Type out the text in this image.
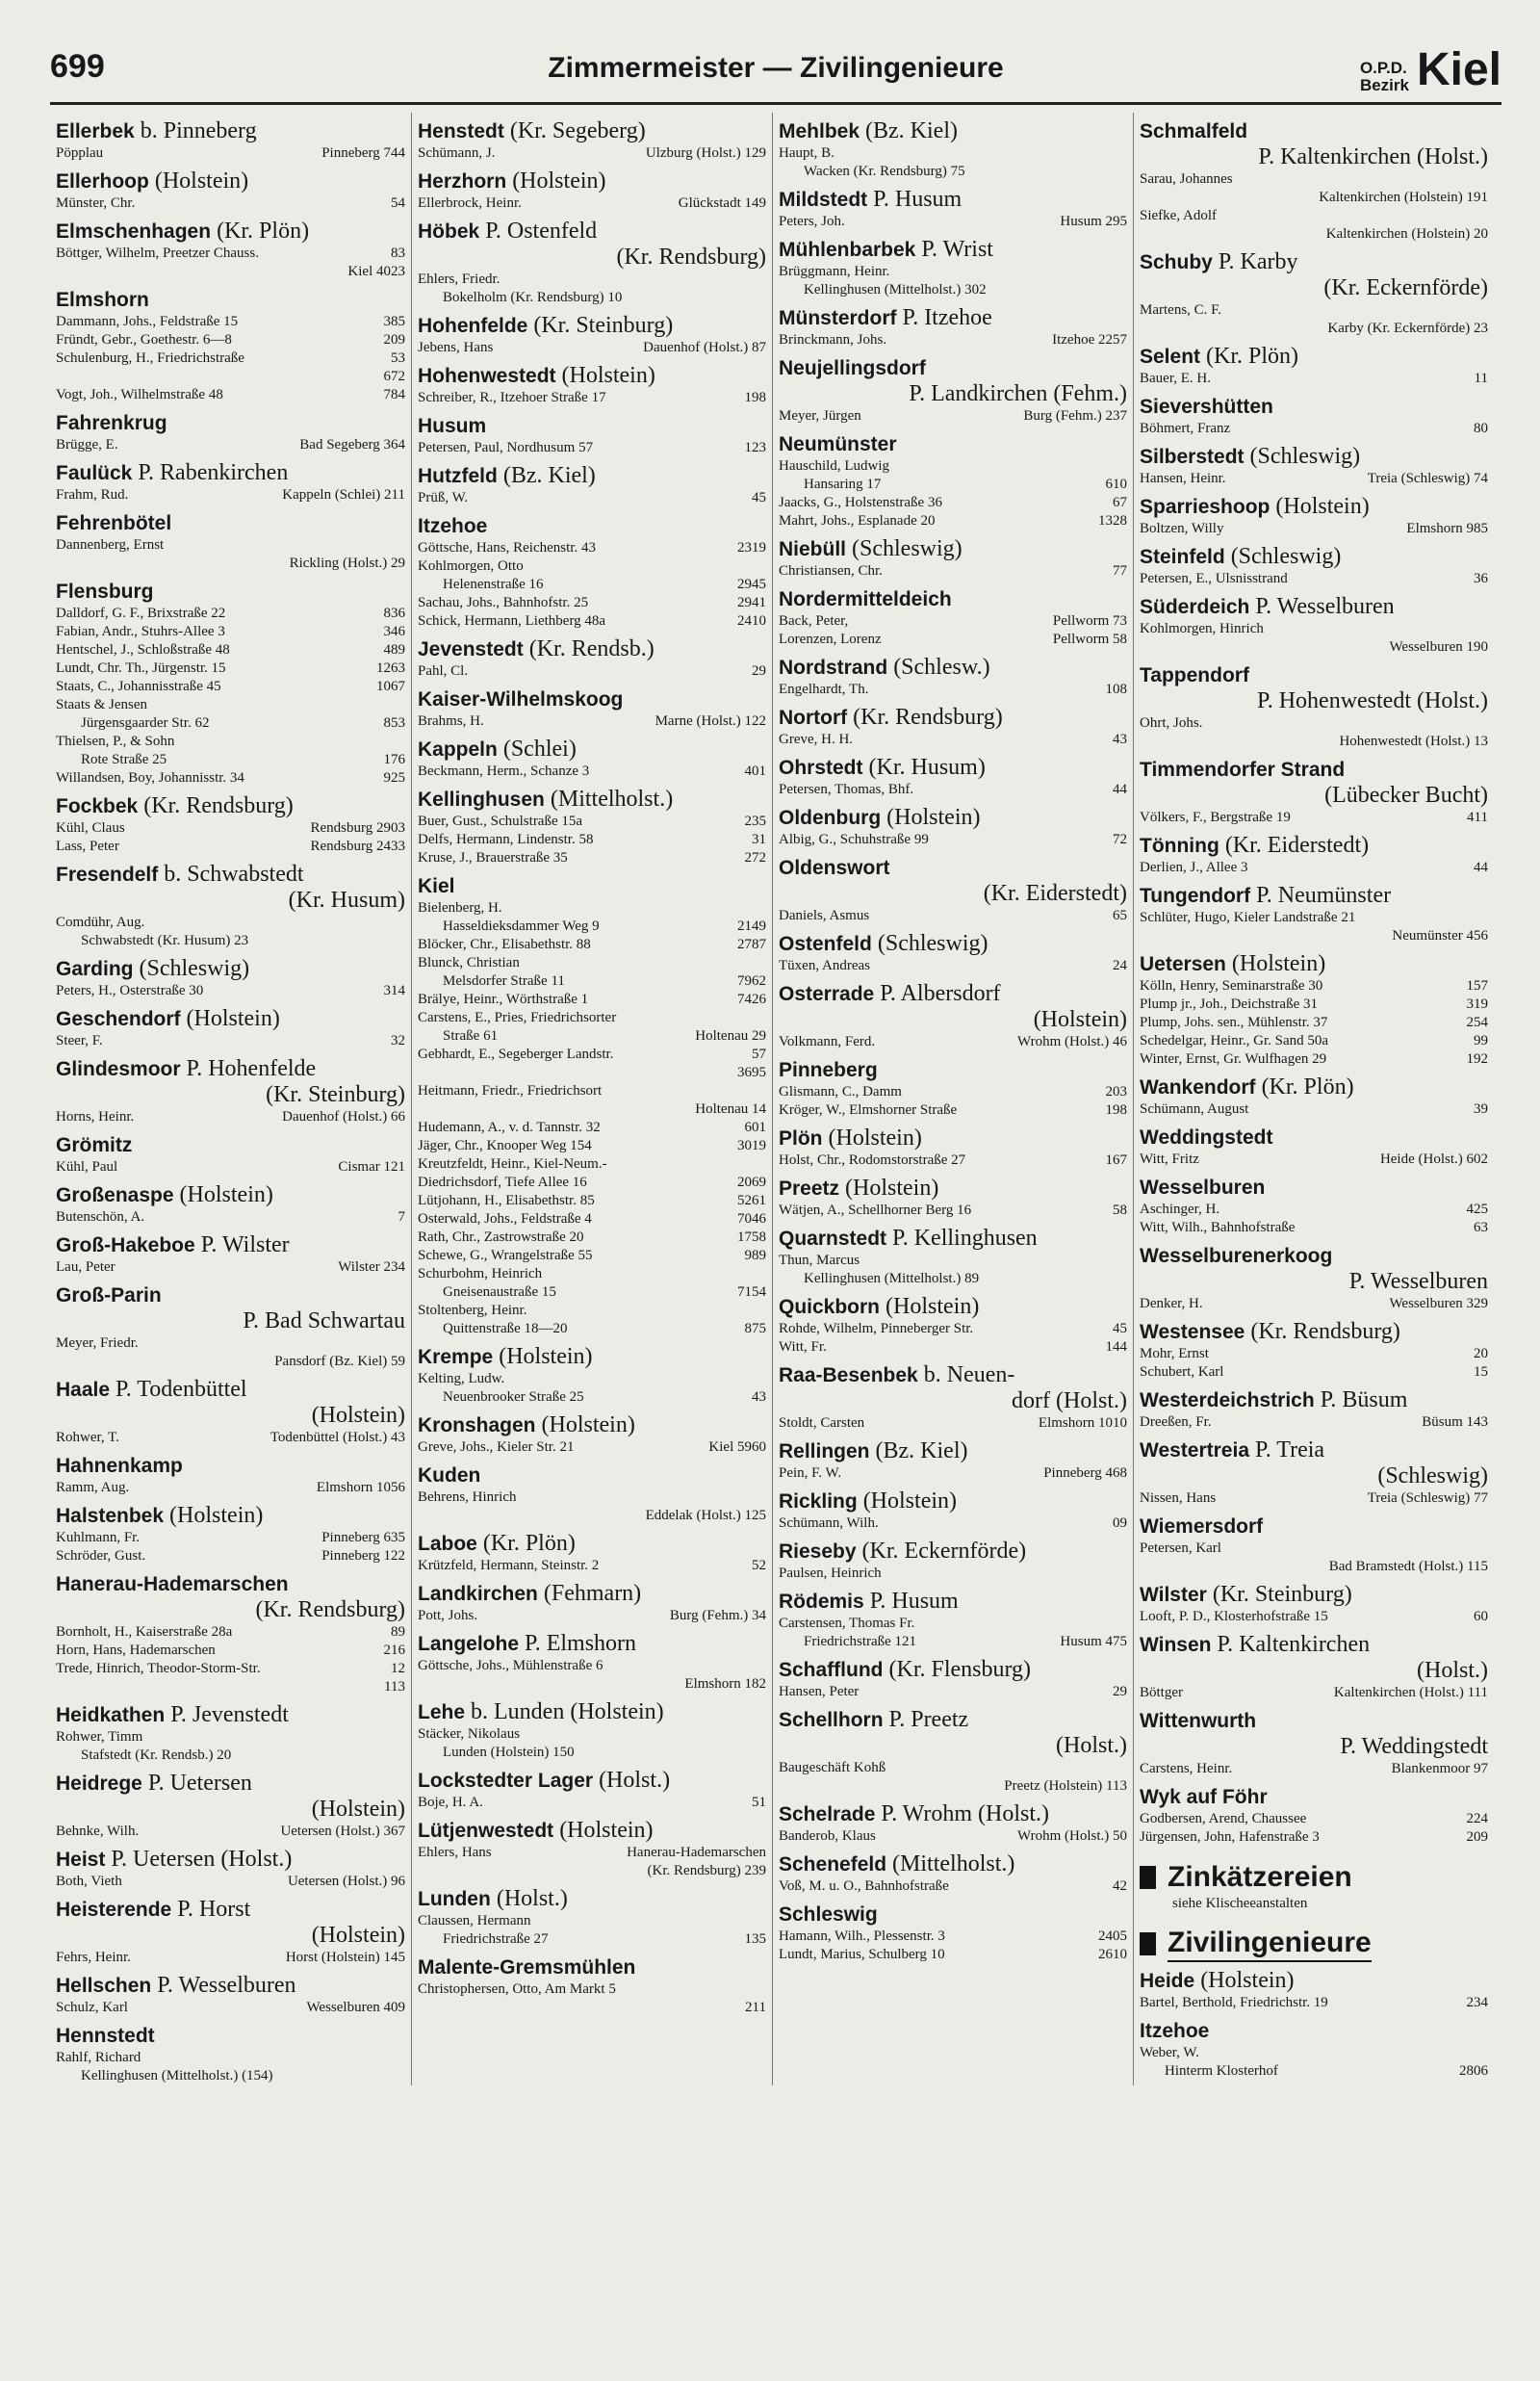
699	Zimmermeister — Zivilingenieure	O.P.D.
Bezirk Kiel
Ellerbek b. Pinneberg
Pöpplau	Pinneberg 744
Ellerhoop (Holstein)
Münster, Chr.	54
Elmschenhagen (Kr. Plön)
Böttger, Wilhelm, Preetzer Chauss.	83
Kiel 4023
Elmshorn
Dammann, Johs., Feldstraße 15	385
Fründt, Gebr., Goethestr. 6—8	209
Schulenburg, H., Friedrichstraße	53
672
Vogt, Joh., Wilhelmstraße 48	784
Fahrenkrug
Brügge, E.	Bad Segeberg 364
Faulück P. Rabenkirchen
Frahm, Rud.	Kappeln (Schlei) 211
Fehrenbötel
Dannenberg, Ernst
Rickling (Holst.) 29
Flensburg
Dalldorf, G. F., Brixstraße 22	836
Fabian, Andr., Stuhrs-Allee 3	346
Hentschel, J., Schloßstraße 48	489
Lundt, Chr. Th., Jürgenstr. 15	1263
Staats, C., Johannisstraße 45	1067
Staats & Jensen
Jürgensgaarder Str. 62	853
Thielsen, P., & Sohn
Rote Straße 25	176
Willandsen, Boy, Johannisstr. 34	925
Fockbek (Kr. Rendsburg)
Kühl, Claus	Rendsburg 2903
Lass, Peter	Rendsburg 2433
Fresendelf b. Schwabstedt
(Kr. Husum)
Comdühr, Aug.
Schwabstedt (Kr. Husum) 23
Garding (Schleswig)
Peters, H., Osterstraße 30	314
Geschendorf (Holstein)
Steer, F.	32
Glindesmoor P. Hohenfelde
(Kr. Steinburg)
Horns, Heinr.	Dauenhof (Holst.) 66
Grömitz
Kühl, Paul	Cismar 121
Großenaspe (Holstein)
Butenschön, A.	7
Groß-Hakeboe P. Wilster
Lau, Peter	Wilster 234
Groß-Parin
P. Bad Schwartau
Meyer, Friedr.
Pansdorf (Bz. Kiel) 59
Haale P. Todenbüttel
(Holstein)
Rohwer, T.	Todenbüttel (Holst.) 43
Hahnenkamp
Ramm, Aug.	Elmshorn 1056
Halstenbek (Holstein)
Kuhlmann, Fr.	Pinneberg 635
Schröder, Gust.	Pinneberg 122
Hanerau-Hademarschen
(Kr. Rendsburg)
Bornholt, H., Kaiserstraße 28a	89
Horn, Hans, Hademarschen	216
Trede, Hinrich, Theodor-Storm-Str.	12
113
Heidkathen P. Jevenstedt
Rohwer, Timm
Stafstedt (Kr. Rendsb.) 20
Heidrege P. Uetersen
(Holstein)
Behnke, Wilh.	Uetersen (Holst.) 367
Heist P. Uetersen (Holst.)
Both, Vieth	Uetersen (Holst.) 96
Heisterende P. Horst
(Holstein)
Fehrs, Heinr.	Horst (Holstein) 145
Hellschen P. Wesselburen
Schulz, Karl	Wesselburen 409
Hennstedt
Rahlf, Richard
Kellinghusen (Mittelholst.) (154)
Henstedt (Kr. Segeberg)
Schümann, J.	Ulzburg (Holst.) 129
Herzhorn (Holstein)
Ellerbrock, Heinr.	Glückstadt 149
Höbek P. Ostenfeld
(Kr. Rendsburg)
Ehlers, Friedr.
Bokelholm (Kr. Rendsburg) 10
Hohenfelde (Kr. Steinburg)
Jebens, Hans	Dauenhof (Holst.) 87
Hohenwestedt (Holstein)
Schreiber, R., Itzehoer Straße 17	198
Husum
Petersen, Paul, Nordhusum 57	123
Hutzfeld (Bz. Kiel)
Prüß, W.	45
Itzehoe
Göttsche, Hans, Reichenstr. 43	2319
Kohlmorgen, Otto
Helenenstraße 16	2945
Sachau, Johs., Bahnhofstr. 25	2941
Schick, Hermann, Liethberg 48a	2410
Jevenstedt (Kr. Rendsb.)
Pahl, Cl.	29
Kaiser-Wilhelmskoog
Brahms, H.	Marne (Holst.) 122
Kappeln (Schlei)
Beckmann, Herm., Schanze 3	401
Kellinghusen (Mittelholst.)
Buer, Gust., Schulstraße 15a	235
Delfs, Hermann, Lindenstr. 58	31
Kruse, J., Brauerstraße 35	272
Kiel
Bielenberg, H.
Hasseldieksdammer Weg 9	2149
Blöcker, Chr., Elisabethstr. 88	2787
Blunck, Christian
Melsdorfer Straße 11	7962
Brälye, Heinr., Wörthstraße 1	7426
Carstens, E., Pries, Friedrichsorter
Straße 61	Holtenau 29
Gebhardt, E., Segeberger Landstr.	57
3695
Heitmann, Friedr., Friedrichsort
Holtenau 14
Hudemann, A., v. d. Tannstr. 32	601
Jäger, Chr., Knooper Weg 154	3019
Kreutzfeldt, Heinr., Kiel-Neum.-
Diedrichsdorf, Tiefe Allee 16	2069
Lütjohann, H., Elisabethstr. 85	5261
Osterwald, Johs., Feldstraße 4	7046
Rath, Chr., Zastrowstraße 20	1758
Schewe, G., Wrangelstraße 55	989
Schurbohm, Heinrich
Gneisenaustraße 15	7154
Stoltenberg, Heinr.
Quittenstraße 18—20	875
Krempe (Holstein)
Kelting, Ludw.
Neuenbrooker Straße 25	43
Kronshagen (Holstein)
Greve, Johs., Kieler Str. 21	Kiel 5960
Kuden
Behrens, Hinrich
Eddelak (Holst.) 125
Laboe (Kr. Plön)
Krützfeld, Hermann, Steinstr. 2	52
Landkirchen (Fehmarn)
Pott, Johs.	Burg (Fehm.) 34
Langelohe P. Elmshorn
Göttsche, Johs., Mühlenstraße 6
Elmshorn 182
Lehe b. Lunden (Holstein)
Stäcker, Nikolaus
Lunden (Holstein) 150
Lockstedter Lager (Holst.)
Boje, H. A.	51
Lütjenwestedt (Holstein)
Ehlers, Hans	Hanerau-Hademarschen
(Kr. Rendsburg) 239
Lunden (Holst.)
Claussen, Hermann
Friedrichstraße 27	135
Malente-Gremsmühlen
Christophersen, Otto, Am Markt 5
211
Mehlbek (Bz. Kiel)
Haupt, B.
Wacken (Kr. Rendsburg) 75
Mildstedt P. Husum
Peters, Joh.	Husum 295
Mühlenbarbek P. Wrist
Brüggmann, Heinr.
Kellinghusen (Mittelholst.) 302
Münsterdorf P. Itzehoe
Brinckmann, Johs.	Itzehoe 2257
Neujellingsdorf
P. Landkirchen (Fehm.)
Meyer, Jürgen	Burg (Fehm.) 237
Neumünster
Hauschild, Ludwig
Hansaring 17	610
Jaacks, G., Holstenstraße 36	67
Mahrt, Johs., Esplanade 20	1328
Niebüll (Schleswig)
Christiansen, Chr.	77
Nordermitteldeich
Back, Peter,	Pellworm 73
Lorenzen, Lorenz	Pellworm 58
Nordstrand (Schlesw.)
Engelhardt, Th.	108
Nortorf (Kr. Rendsburg)
Greve, H. H.	43
Ohrstedt (Kr. Husum)
Petersen, Thomas, Bhf.	44
Oldenburg (Holstein)
Albig, G., Schuhstraße 99	72
Oldenswort
(Kr. Eiderstedt)
Daniels, Asmus	65
Ostenfeld (Schleswig)
Tüxen, Andreas	24
Osterrade P. Albersdorf
(Holstein)
Volkmann, Ferd.	Wrohm (Holst.) 46
Pinneberg
Glismann, C., Damm	203
Kröger, W., Elmshorner Straße	198
Plön (Holstein)
Holst, Chr., Rodomstorstraße 27	167
Preetz (Holstein)
Wätjen, A., Schellhorner Berg 16	58
Quarnstedt P. Kellinghusen
Thun, Marcus
Kellinghusen (Mittelholst.) 89
Quickborn (Holstein)
Rohde, Wilhelm, Pinneberger Str.	45
Witt, Fr.	144
Raa-Besenbek b. Neuen-
dorf (Holst.)
Stoldt, Carsten	Elmshorn 1010
Rellingen (Bz. Kiel)
Pein, F. W.	Pinneberg 468
Rickling (Holstein)
Schümann, Wilh.	09
Rieseby (Kr. Eckernförde)
Paulsen, Heinrich
Rödemis P. Husum
Carstensen, Thomas Fr.
Friedrichstraße 121	Husum 475
Schafflund (Kr. Flensburg)
Hansen, Peter	29
Schellhorn P. Preetz
(Holst.)
Baugeschäft Kohß
Preetz (Holstein) 113
Schelrade P. Wrohm (Holst.)
Banderob, Klaus	Wrohm (Holst.) 50
Schenefeld (Mittelholst.)
Voß, M. u. O., Bahnhofstraße	42
Schleswig
Hamann, Wilh., Plessenstr. 3	2405
Lundt, Marius, Schulberg 10	2610
Schmalfeld
P. Kaltenkirchen (Holst.)
Sarau, Johannes
Kaltenkirchen (Holstein) 191
Siefke, Adolf
Kaltenkirchen (Holstein) 20
Schuby P. Karby
(Kr. Eckernförde)
Martens, C. F.
Karby (Kr. Eckernförde) 23
Selent (Kr. Plön)
Bauer, E. H.	11
Sievershütten
Böhmert, Franz	80
Silberstedt (Schleswig)
Hansen, Heinr.	Treia (Schleswig) 74
Sparrieshoop (Holstein)
Boltzen, Willy	Elmshorn 985
Steinfeld (Schleswig)
Petersen, E., Ulsnisstrand	36
Süderdeich P. Wesselburen
Kohlmorgen, Hinrich
Wesselburen 190
Tappendorf
P. Hohenwestedt (Holst.)
Ohrt, Johs.
Hohenwestedt (Holst.) 13
Timmendorfer Strand
(Lübecker Bucht)
Völkers, F., Bergstraße 19	411
Tönning (Kr. Eiderstedt)
Derlien, J., Allee 3	44
Tungendorf P. Neumünster
Schlüter, Hugo, Kieler Landstraße 21
Neumünster 456
Uetersen (Holstein)
Kölln, Henry, Seminarstraße 30	157
Plump jr., Joh., Deichstraße 31	319
Plump, Johs. sen., Mühlenstr. 37	254
Schedelgar, Heinr., Gr. Sand 50a	99
Winter, Ernst, Gr. Wulfhagen 29	192
Wankendorf (Kr. Plön)
Schümann, August	39
Weddingstedt
Witt, Fritz	Heide (Holst.) 602
Wesselburen
Aschinger, H.	425
Witt, Wilh., Bahnhofstraße	63
Wesselburenerkoog
P. Wesselburen
Denker, H.	Wesselburen 329
Westensee (Kr. Rendsburg)
Mohr, Ernst	20
Schubert, Karl	15
Westerdeichstrich P. Büsum
Dreeßen, Fr.	Büsum 143
Westertreia P. Treia
(Schleswig)
Nissen, Hans	Treia (Schleswig) 77
Wiemersdorf
Petersen, Karl
Bad Bramstedt (Holst.) 115
Wilster (Kr. Steinburg)
Looft, P. D., Klosterhofstraße 15	60
Winsen P. Kaltenkirchen
(Holst.)
Böttger	Kaltenkirchen (Holst.) 111
Wittenwurth
P. Weddingstedt
Carstens, Heinr.	Blankenmoor 97
Wyk auf Föhr
Godbersen, Arend, Chaussee	224
Jürgensen, John, Hafenstraße 3	209
Zinkätzereien
siehe Klischeeanstalten
Zivilingenieure
Heide (Holstein)
Bartel, Berthold, Friedrichstr. 19	234
Itzehoe
Weber, W.
Hinterm Klosterhof	2806
